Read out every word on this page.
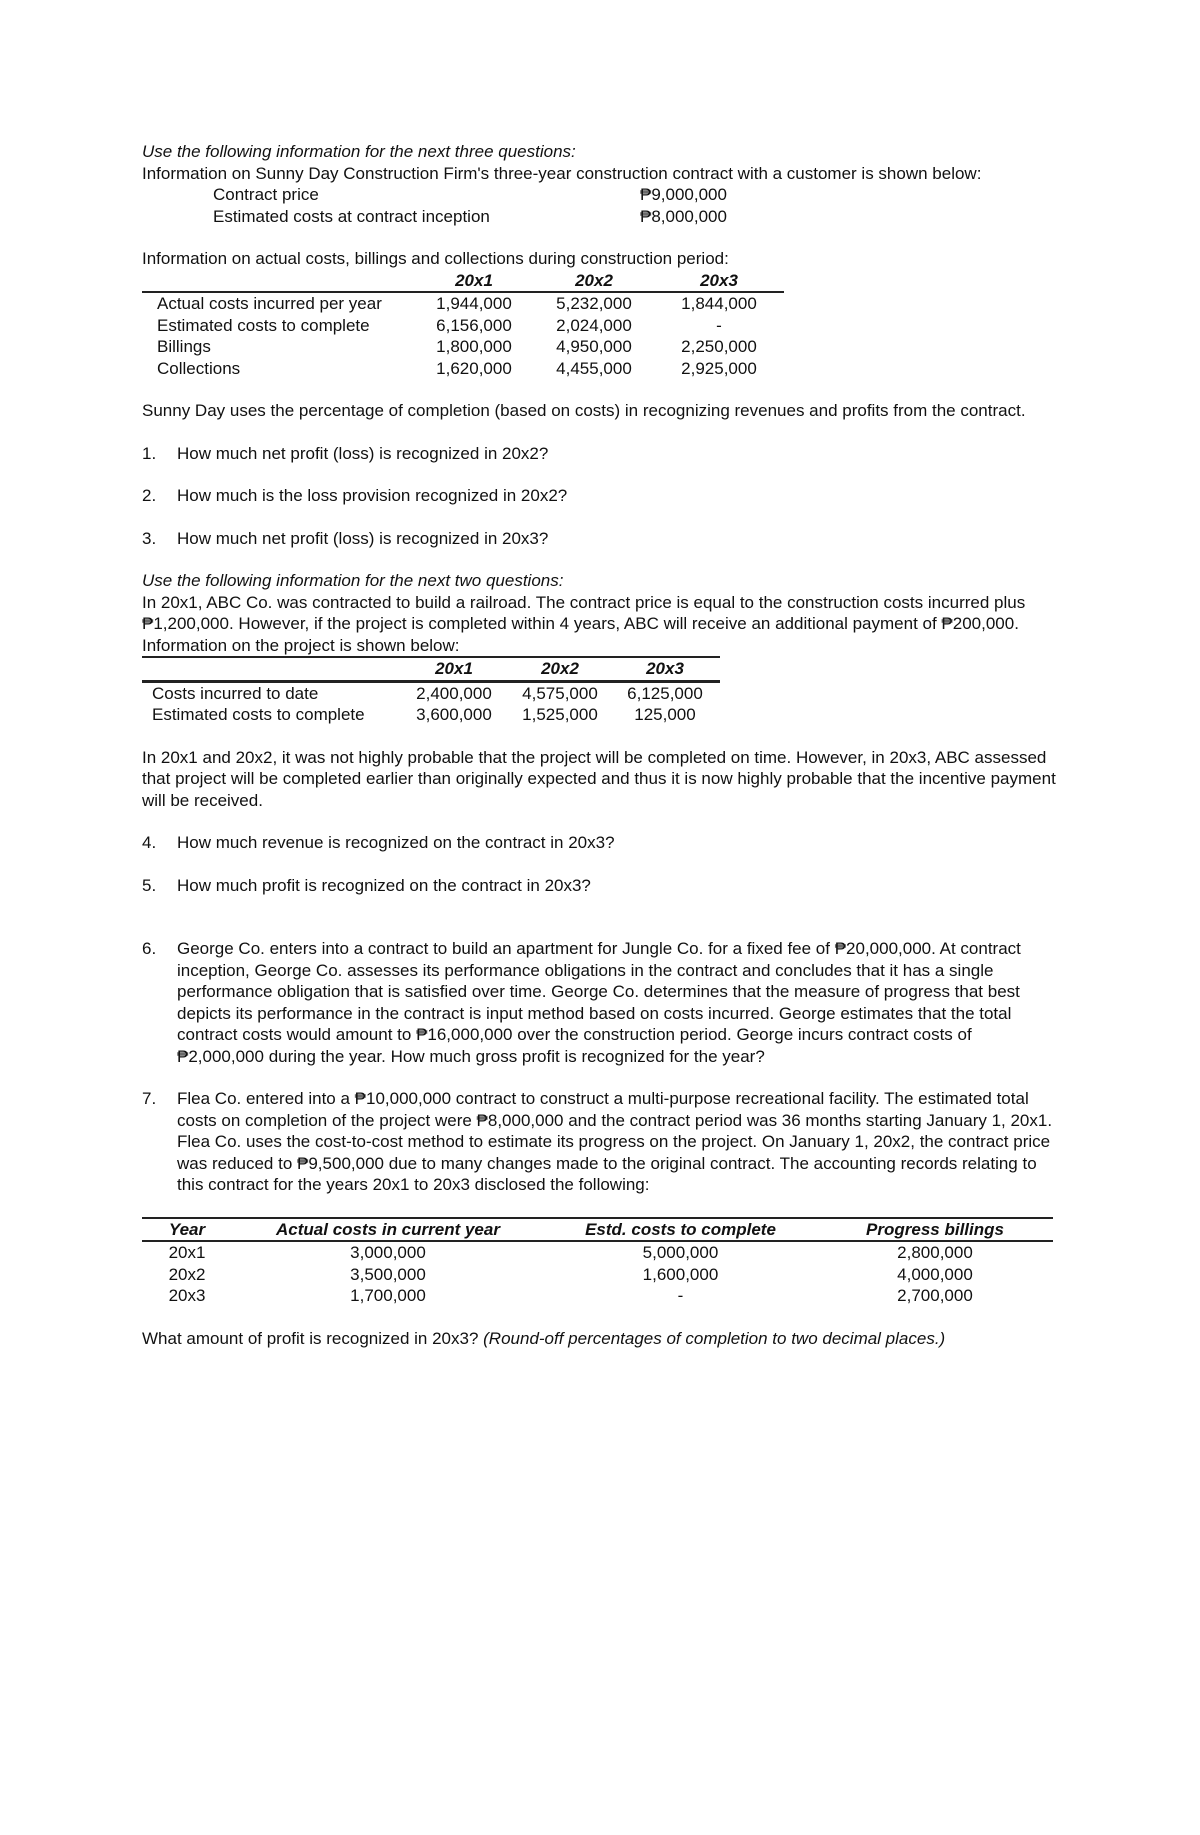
Use the following information for the next three questions:

Information on Sunny Day Construction Firm's three-year construction contract with a customer is shown below:

Contract price	₱9,000,000
Estimated costs at contract inception	₱8,000,000
Information on actual costs, billings and collections during construction period:			
	20x1	20x2	20x3
Actual costs incurred per year	1,944,000	5,232,000	1,844,000
Estimated costs to complete	6,156,000	2,024,000	-
Billings	1,800,000	4,950,000	2,250,000
Collections	1,620,000	4,455,000	2,925,000

Sunny Day uses the percentage of completion (based on costs) in recognizing revenues and profits from the contract.

1.	How much net profit (loss) is recognized in 20x2?
2.	How much is the loss provision recognized in 20x2?
3.	How much net profit (loss) is recognized in 20x3?

Use the following information for the next two questions:

In 20x1, ABC Co. was contracted to build a railroad. The contract price is equal to the construction costs incurred plus ₱1,200,000. However, if the project is completed within 4 years, ABC will receive an additional payment of ₱200,000. Information on the project is shown below:

	20x1	20x2	20x3
Costs incurred to date	2,400,000	4,575,000	6,125,000
Estimated costs to complete	3,600,000	1,525,000	125,000

In 20x1 and 20x2, it was not highly probable that the project will be completed on time. However, in 20x3, ABC assessed that project will be completed earlier than originally expected and thus it is now highly probable that the incentive payment will be received.

4.	How much revenue is recognized on the contract in 20x3?
5.	How much profit is recognized on the contract in 20x3?
6.	George Co. enters into a contract to build an apartment for Jungle Co. for a fixed fee of ₱20,000,000. At contract inception, George Co. assesses its performance obligations in the contract and concludes that it has a single performance obligation that is satisfied over time. George Co. determines that the measure of progress that best depicts its performance in the contract is input method based on costs incurred. George estimates that the total contract costs would amount to ₱16,000,000 over the construction period. George incurs contract costs of ₱2,000,000 during the year. How much gross profit is recognized for the year?
7.	Flea Co. entered into a ₱10,000,000 contract to construct a multi-purpose recreational facility. The estimated total costs on completion of the project were ₱8,000,000 and the contract period was 36 months starting January 1, 20x1. Flea Co. uses the cost-to-cost method to estimate its progress on the project. On January 1, 20x2, the contract price was reduced to ₱9,500,000 due to many changes made to the original contract. The accounting records relating to this contract for the years 20x1 to 20x3 disclosed the following:
Year	Actual costs in current year	Estd. costs to complete	Progress billings
20x1	3,000,000	5,000,000	2,800,000
20x2	3,500,000	1,600,000	4,000,000
20x3	1,700,000	-	2,700,000

What amount of profit is recognized in 20x3? (Round-off percentages of completion to two decimal places.)
